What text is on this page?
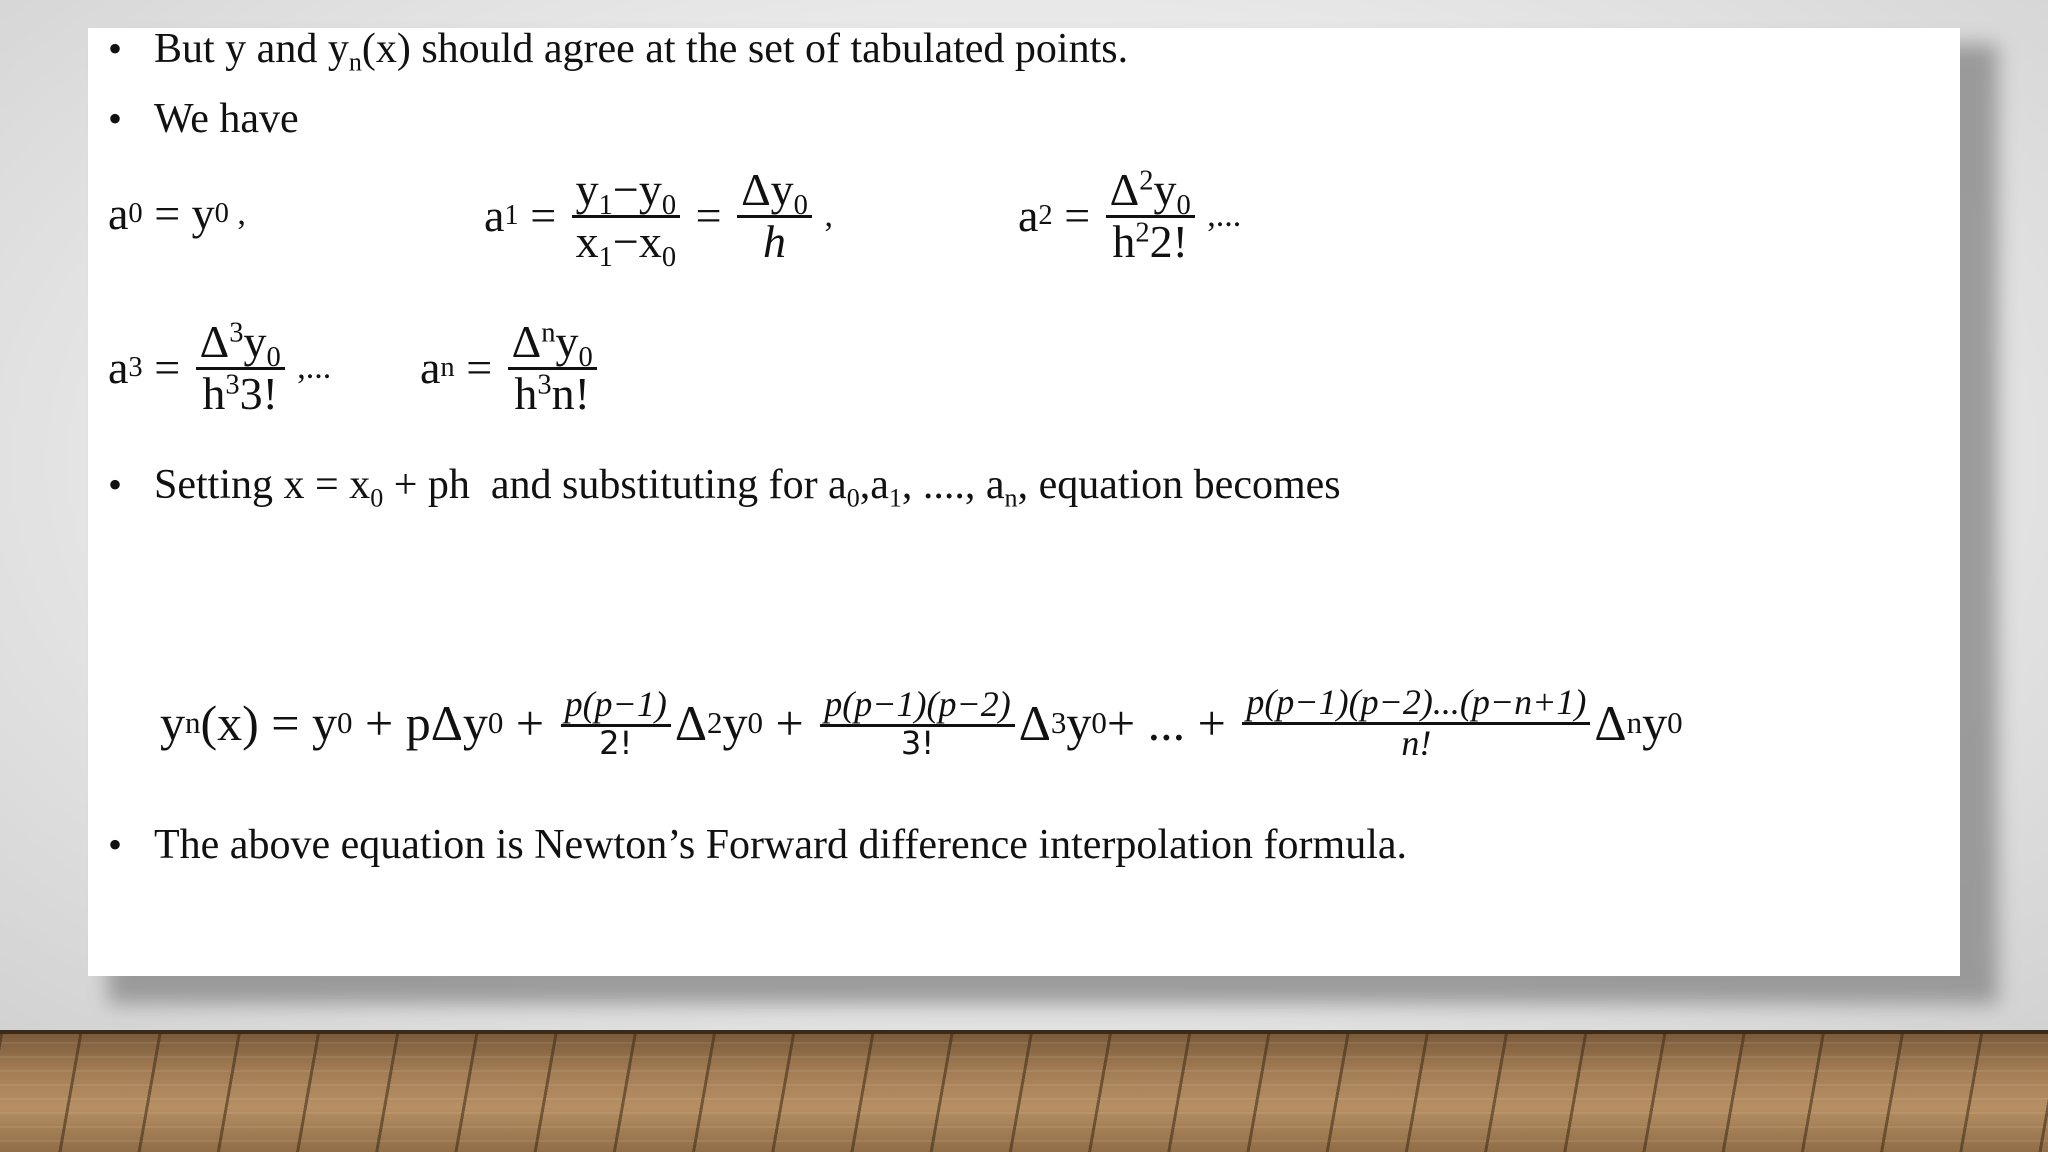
• But y and $y_n(x)$ should agree at the set of tabulated points.
• We have
a 0 = y 0 ,	a $1 = \frac{y_1-y_0}{x_1-x_0} = \frac{\Delta y_0}{h}$ ,	a $2 = \frac{\Delta^2y_0}{h^22!}$ ,...
a $3 = \frac{\Delta^3y_0}{h^33!}$ ,... a $n = \frac{\Delta^ny_0}{h^3n!}$
• Setting $x = x_0$ + ph  and substituting for $a_0,a_1$, ...., $a_n$, equation becomes
y n (x) = y 0 + pΔy $0 + \frac{p(p-1)}{2!}$ Δ 2 y $0 + \frac{p(p-1)(p-2)}{3!}$ Δ 3 y 0 + ... + $\frac{p(p-1)(p-2)...(p-n+1)}{n!}$ Δ n y 0
• The above equation is Newton’s Forward difference interpolation formula.
